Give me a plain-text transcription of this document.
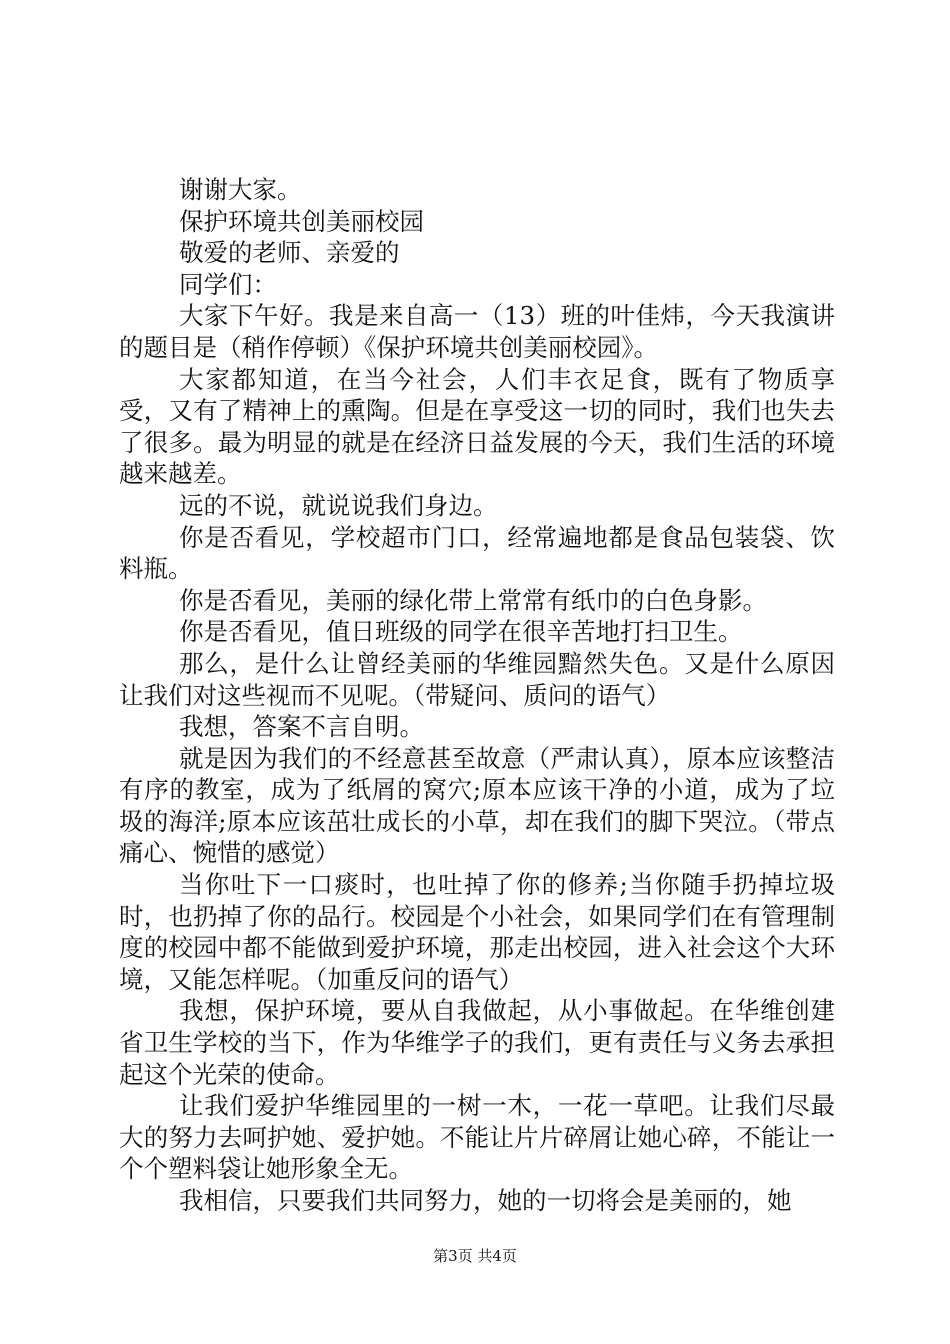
谢谢大家。

保护环境共创美丽校园

敬爱的老师、亲爱的

同学们：

大家下午好。我是来自高一（13）班的叶佳炜，今天我演讲的题目是（稍作停顿）《保护环境共创美丽校园》。

大家都知道，在当今社会，人们丰衣足食，既有了物质享受，又有了精神上的熏陶。但是在享受这一切的同时，我们也失去了很多。最为明显的就是在经济日益发展的今天，我们生活的环境越来越差。

远的不说，就说说我们身边。

你是否看见，学校超市门口，经常遍地都是食品包装袋、饮料瓶。

你是否看见，美丽的绿化带上常常有纸巾的白色身影。

你是否看见，值日班级的同学在很辛苦地打扫卫生。

那么，是什么让曾经美丽的华维园黯然失色。又是什么原因让我们对这些视而不见呢。（带疑问、质问的语气）

我想，答案不言自明。

就是因为我们的不经意甚至故意（严肃认真），原本应该整洁有序的教室，成为了纸屑的窝穴;原本应该干净的小道，成为了垃圾的海洋;原本应该茁壮成长的小草，却在我们的脚下哭泣。（带点痛心、惋惜的感觉）

当你吐下一口痰时，也吐掉了你的修养;当你随手扔掉垃圾时，也扔掉了你的品行。校园是个小社会，如果同学们在有管理制度的校园中都不能做到爱护环境，那走出校园，进入社会这个大环境，又能怎样呢。（加重反问的语气）

我想，保护环境，要从自我做起，从小事做起。在华维创建省卫生学校的当下，作为华维学子的我们，更有责任与义务去承担起这个光荣的使命。

让我们爱护华维园里的一树一木，一花一草吧。让我们尽最大的努力去呵护她、爱护她。不能让片片碎屑让她心碎，不能让一个个塑料袋让她形象全无。

我相信，只要我们共同努力，她的一切将会是美丽的，她

第3页 共4页
